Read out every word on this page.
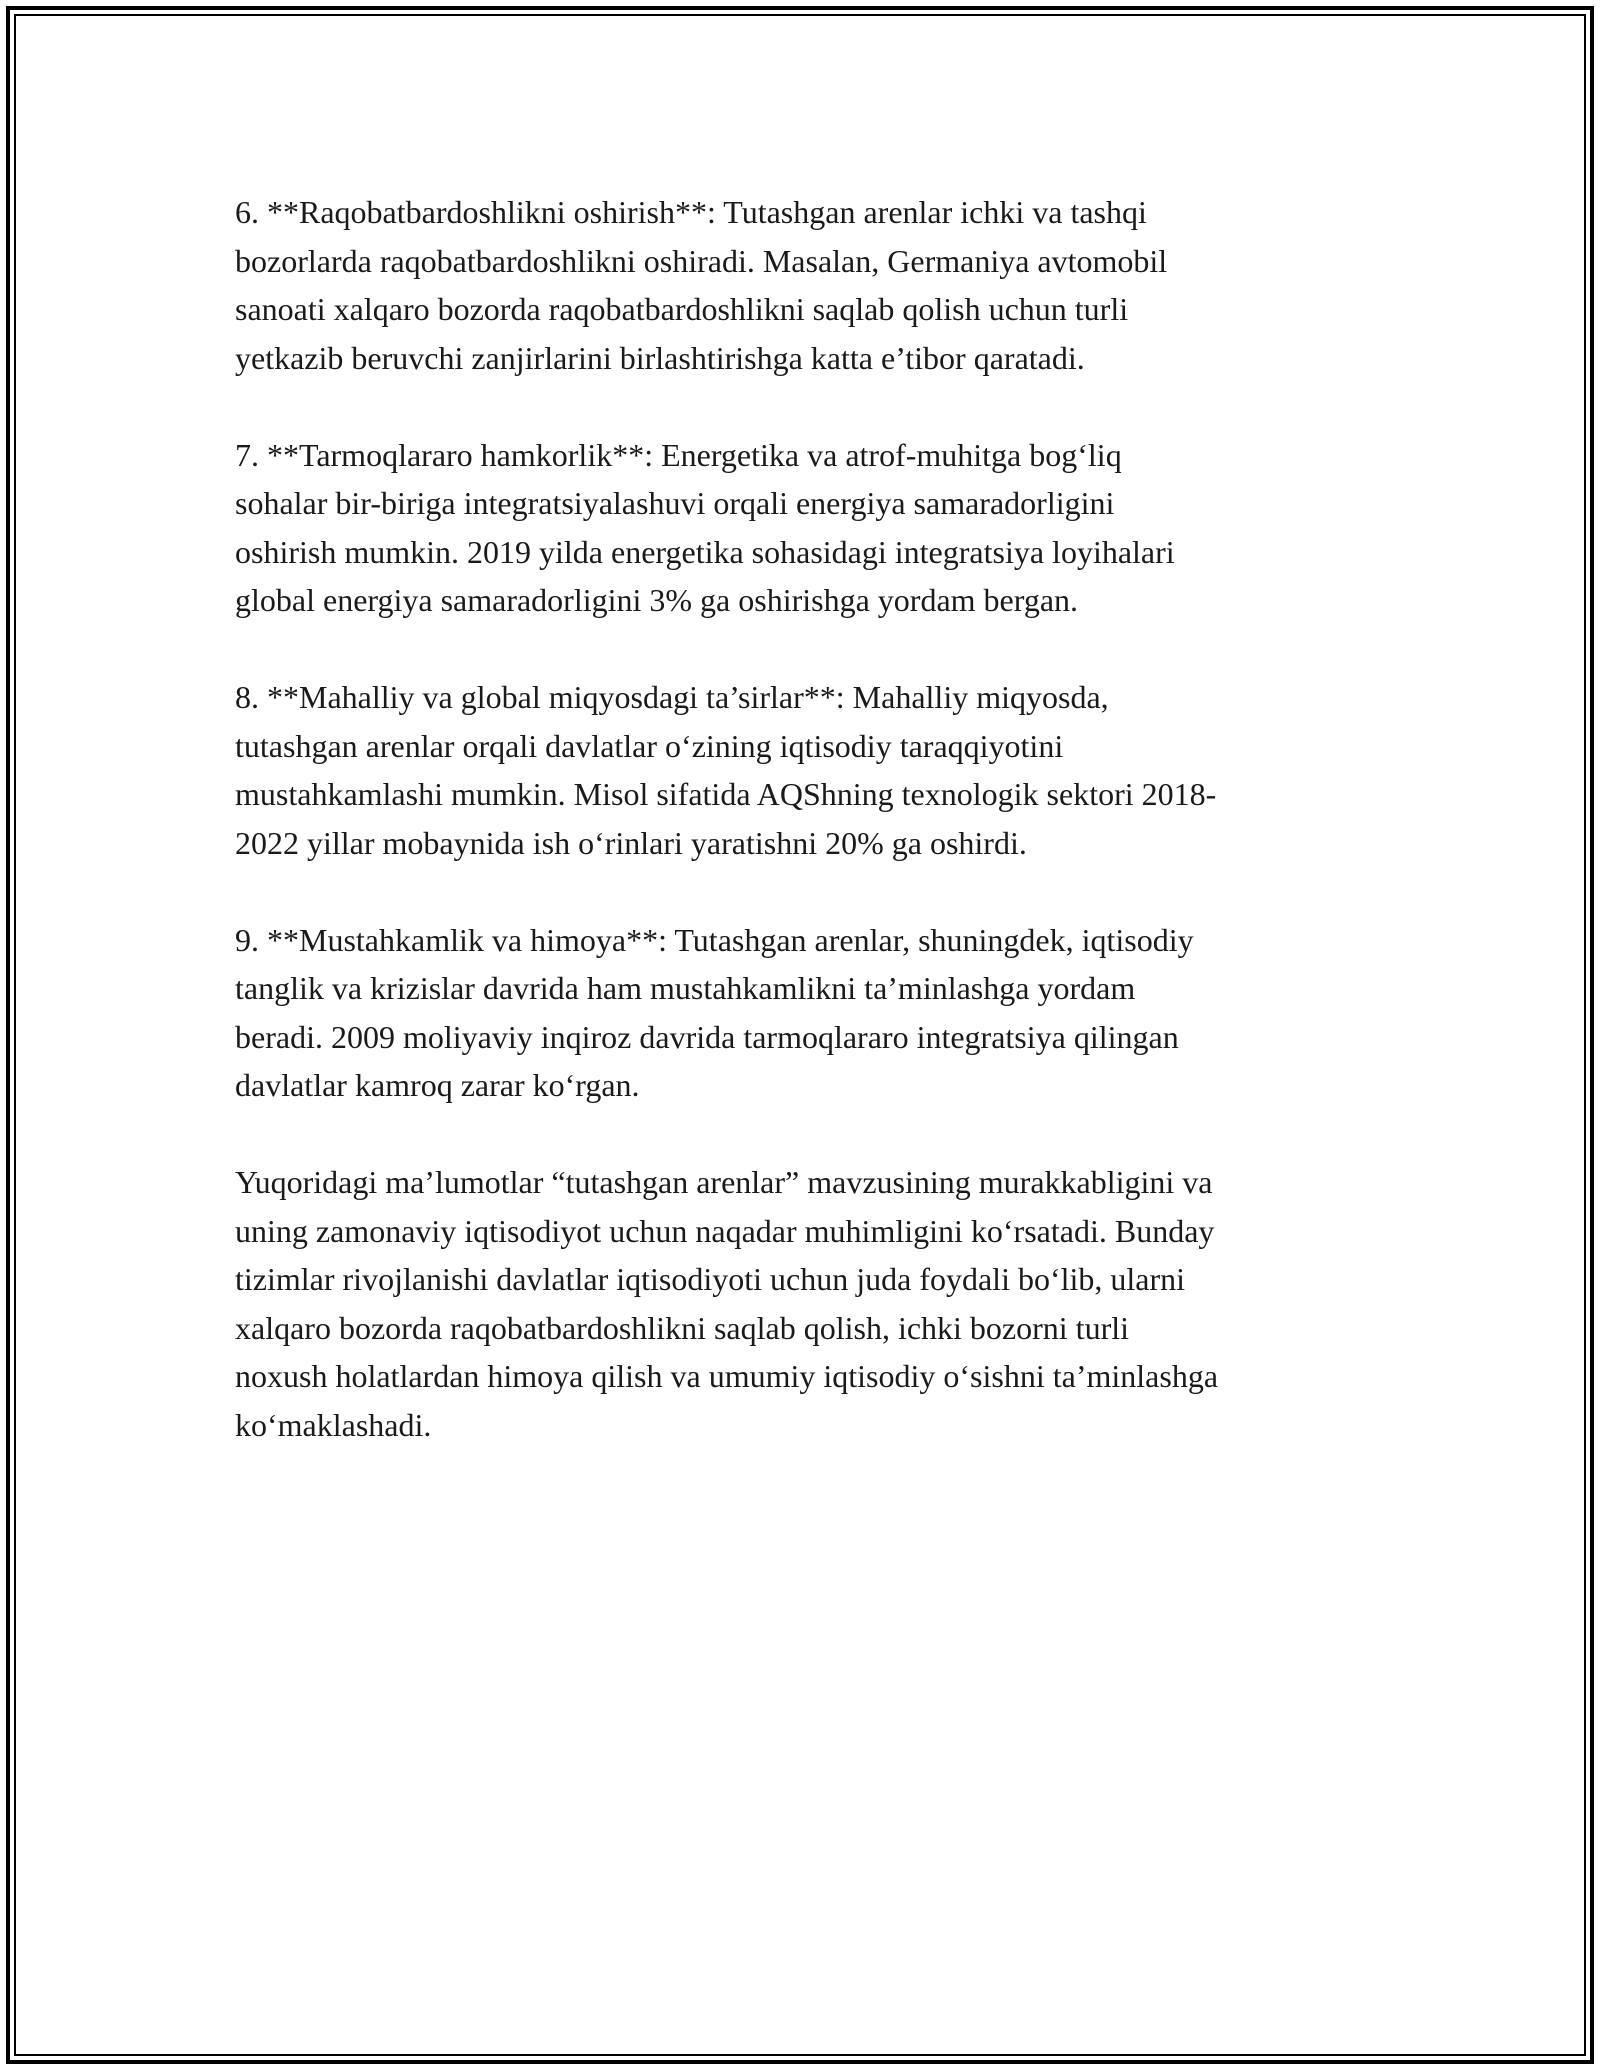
6. **Raqobatbardoshlikni oshirish**: Tutashgan arenlar ichki va tashqi
bozorlarda raqobatbardoshlikni oshiradi. Masalan, Germaniya avtomobil
sanoati xalqaro bozorda raqobatbardoshlikni saqlab qolish uchun turli
yetkazib beruvchi zanjirlarini birlashtirishga katta e’tibor qaratadi.

7. **Tarmoqlararo hamkorlik**: Energetika va atrof-muhitga bog‘liq
sohalar bir-biriga integratsiyalashuvi orqali energiya samaradorligini
oshirish mumkin. 2019 yilda energetika sohasidagi integratsiya loyihalari
global energiya samaradorligini 3% ga oshirishga yordam bergan.

8. **Mahalliy va global miqyosdagi ta’sirlar**: Mahalliy miqyosda,
tutashgan arenlar orqali davlatlar o‘zining iqtisodiy taraqqiyotini
mustahkamlashi mumkin. Misol sifatida AQShning texnologik sektori 2018-
2022 yillar mobaynida ish o‘rinlari yaratishni 20% ga oshirdi.

9. **Mustahkamlik va himoya**: Tutashgan arenlar, shuningdek, iqtisodiy
tanglik va krizislar davrida ham mustahkamlikni ta’minlashga yordam
beradi. 2009 moliyaviy inqiroz davrida tarmoqlararo integratsiya qilingan
davlatlar kamroq zarar ko‘rgan.

Yuqoridagi ma’lumotlar “tutashgan arenlar” mavzusining murakkabligini va
uning zamonaviy iqtisodiyot uchun naqadar muhimligini ko‘rsatadi. Bunday
tizimlar rivojlanishi davlatlar iqtisodiyoti uchun juda foydali bo‘lib, ularni
xalqaro bozorda raqobatbardoshlikni saqlab qolish, ichki bozorni turli
noxush holatlardan himoya qilish va umumiy iqtisodiy o‘sishni ta’minlashga
ko‘maklashadi.
